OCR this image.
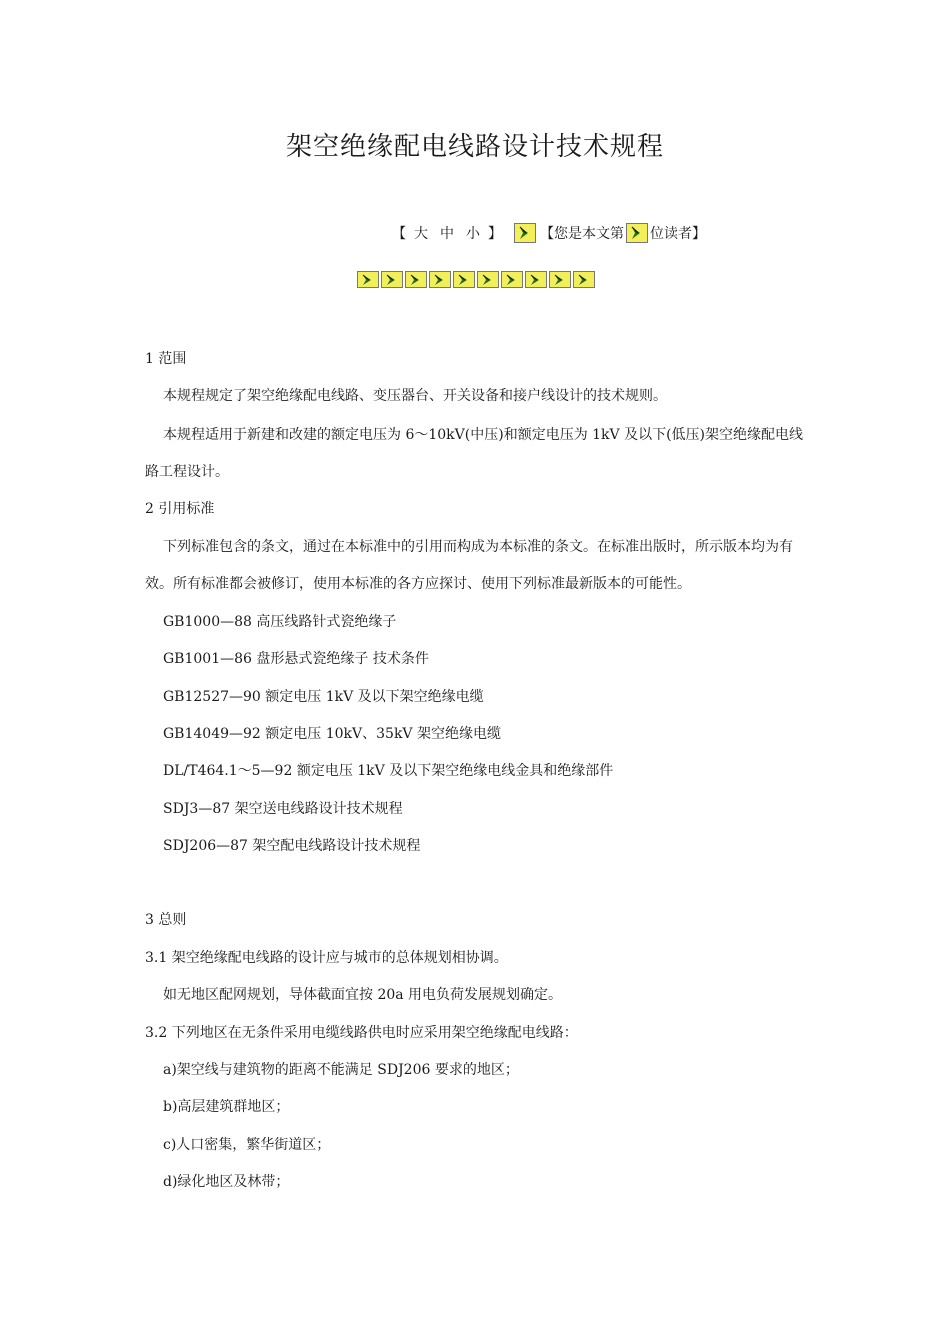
架空绝缘配电线路设计技术规程
【 大 中 小 】	【您是本文第 位读者】
1 范围
本规程规定了架空绝缘配电线路、变压器台、开关设备和接户线设计的技术规则。
本规程适用于新建和改建的额定电压为 6～10kV(中压)和额定电压为 1kV 及以下(低压)架空绝缘配电线
路工程设计。
2 引用标准
下列标准包含的条文，通过在本标准中的引用而构成为本标准的条文。在标准出版时，所示版本均为有
效。所有标准都会被修订，使用本标准的各方应探讨、使用下列标准最新版本的可能性。
GB1000—88 高压线路针式瓷绝缘子
GB1001—86 盘形悬式瓷绝缘子 技术条件
GB12527—90 额定电压 1kV 及以下架空绝缘电缆
GB14049—92 额定电压 10kV、35kV 架空绝缘电缆
DL/T464.1～5—92 额定电压 1kV 及以下架空绝缘电线金具和绝缘部件
SDJ3—87 架空送电线路设计技术规程
SDJ206—87 架空配电线路设计技术规程
3 总则
3.1 架空绝缘配电线路的设计应与城市的总体规划相协调。
如无地区配网规划，导体截面宜按 20a 用电负荷发展规划确定。
3.2 下列地区在无条件采用电缆线路供电时应采用架空绝缘配电线路：
a)架空线与建筑物的距离不能满足 SDJ206 要求的地区；
b)高层建筑群地区；
c)人口密集，繁华街道区；
d)绿化地区及林带；
